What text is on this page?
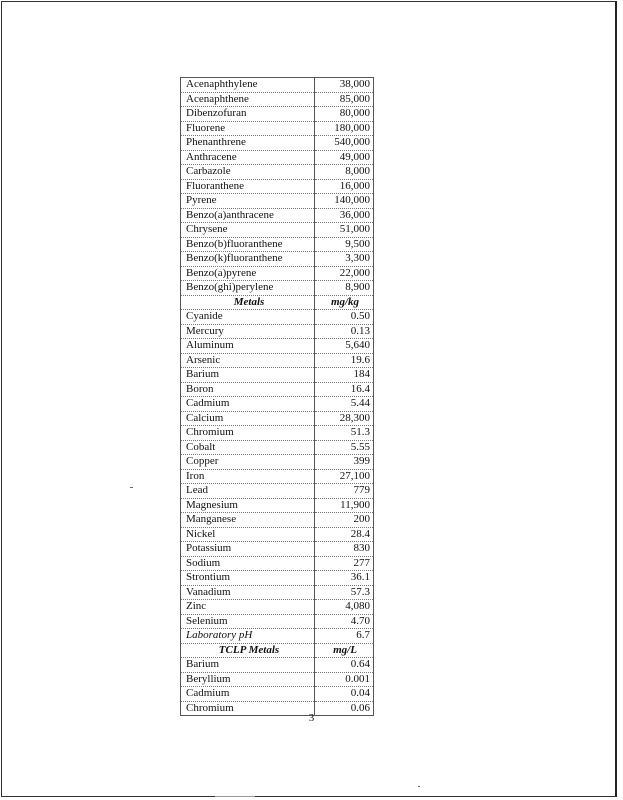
Acenaphthylene	38,000
Acenaphthene	85,000
Dibenzofuran	80,000
Fluorene	180,000
Phenanthrene	540,000
Anthracene	49,000
Carbazole	8,000
Fluoranthene	16,000
Pyrene	140,000
Benzo(a)anthracene	36,000
Chrysene	51,000
Benzo(b)fluoranthene	9,500
Benzo(k)fluoranthene	3,300
Benzo(a)pyrene	22,000
Benzo(ghi)perylene	8,900
Metals	mg/kg
Cyanide	0.50
Mercury	0.13
Aluminum	5,640
Arsenic	19.6
Barium	184
Boron	16.4
Cadmium	5.44
Calcium	28,300
Chromium	51.3
Cobalt	5.55
Copper	399
Iron	27,100
Lead	779
Magnesium	11,900
Manganese	200
Nickel	28.4
Potassium	830
Sodium	277
Strontium	36.1
Vanadium	57.3
Zinc	4,080
Selenium	4.70
Laboratory pH	6.7
TCLP Metals	mg/L
Barium	0.64
Beryllium	0.001
Cadmium	0.04
Chromium	0.06
3
